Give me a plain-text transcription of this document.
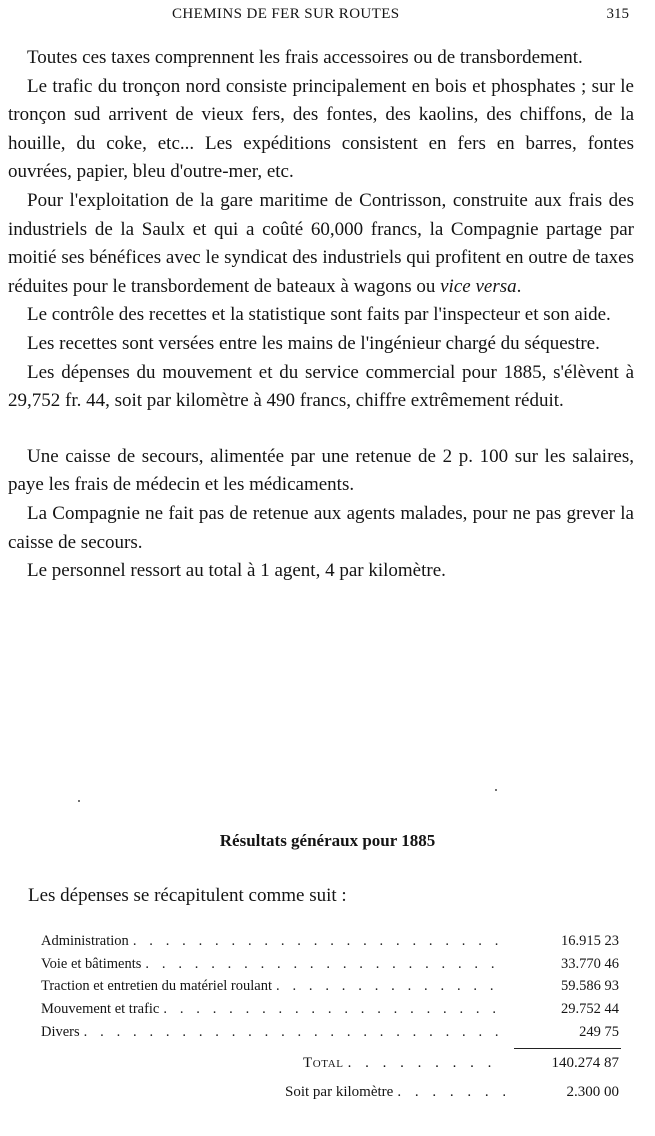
CHEMINS DE FER SUR ROUTES	315

Toutes ces taxes comprennent les frais accessoires ou de transbordement.

Le trafic du tronçon nord consiste principalement en bois et phosphates ; sur le tronçon sud arrivent de vieux fers, des fontes, des kaolins, des chiffons, de la houille, du coke, etc... Les expéditions consistent en fers en barres, fontes ouvrées, papier, bleu d'outre-mer, etc.

Pour l'exploitation de la gare maritime de Contrisson, construite aux frais des industriels de la Saulx et qui a coûté 60,000 francs, la Compagnie partage par moitié ses bénéfices avec le syndicat des industriels qui profitent en outre de taxes réduites pour le transbordement de bateaux à wagons ou vice versa.

Le contrôle des recettes et la statistique sont faits par l'inspecteur et son aide.

Les recettes sont versées entre les mains de l'ingénieur chargé du séquestre.

Les dépenses du mouvement et du service commercial pour 1885, s'élèvent à 29,752 fr. 44, soit par kilomètre à 490 francs, chiffre extrêmement réduit.

Une caisse de secours, alimentée par une retenue de 2 p. 100 sur les salaires, paye les frais de médecin et les médicaments.

La Compagnie ne fait pas de retenue aux agents malades, pour ne pas grever la caisse de secours.

Le personnel ressort au total à 1 agent, 4 par kilomètre.

Résultats généraux pour 1885
Les dépenses se récapitulent comme suit :
Administration . . .	16.915 23
Voie et bâtiments . . .	33.770 46
Traction et entretien du matériel roulant . . .	59.586 93
Mouvement et trafic . . .	29.752 44
Divers . . .	249 75
Total . . .	140.274 87
Soit par kilomètre . . .	2.300 00
